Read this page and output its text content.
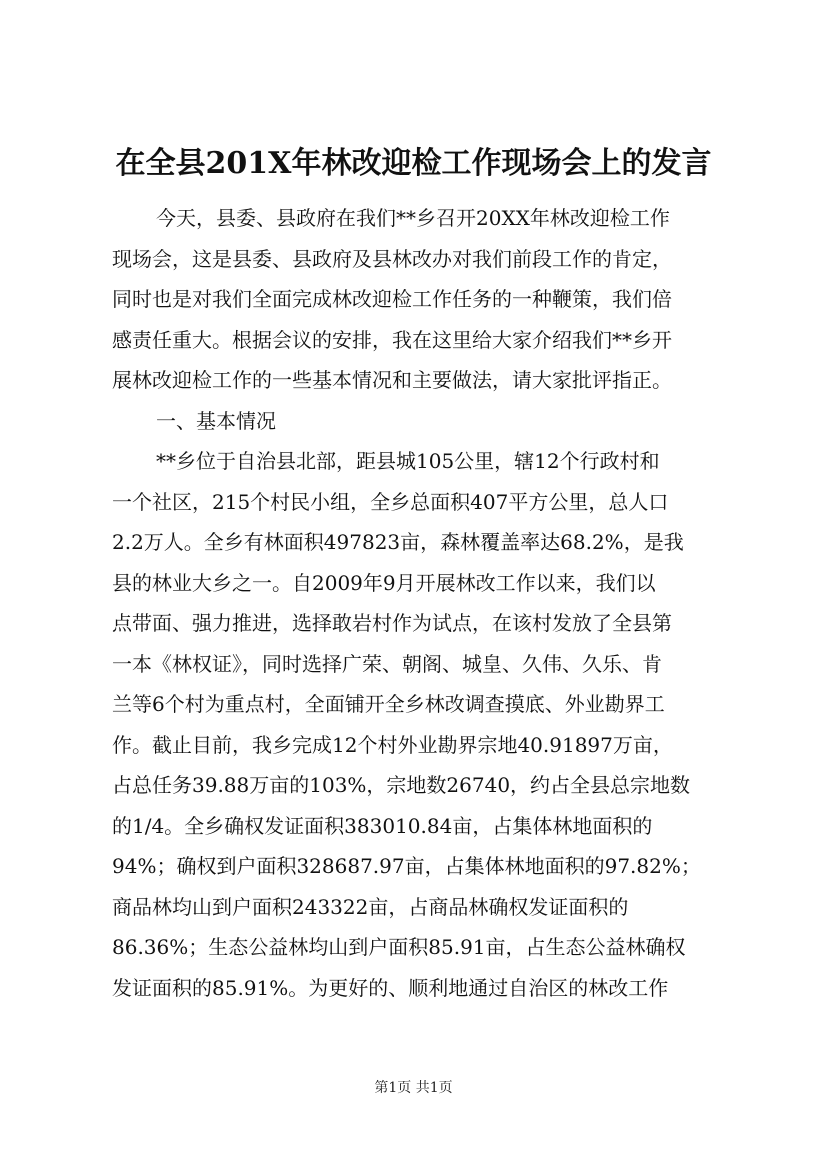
在全县201X年林改迎检工作现场会上的发言
今天，县委、县政府在我们**乡召开20XX年林改迎检工作
现场会，这是县委、县政府及县林改办对我们前段工作的肯定，
同时也是对我们全面完成林改迎检工作任务的一种鞭策，我们倍
感责任重大。根据会议的安排，我在这里给大家介绍我们**乡开
展林改迎检工作的一些基本情况和主要做法，请大家批评指正。
一、基本情况
**乡位于自治县北部，距县城105公里，辖12个行政村和
一个社区，215个村民小组，全乡总面积407平方公里，总人口
2.2万人。全乡有林面积497823亩，森林覆盖率达68.2%，是我
县的林业大乡之一。自2009年9月开展林改工作以来，我们以
点带面、强力推进，选择敢岩村作为试点，在该村发放了全县第
一本《林权证》，同时选择广荣、朝阁、城皇、久伟、久乐、肯
兰等6个村为重点村，全面铺开全乡林改调查摸底、外业勘界工
作。截止目前，我乡完成12个村外业勘界宗地40.91897万亩，
占总任务39.88万亩的103%，宗地数26740，约占全县总宗地数
的1/4。全乡确权发证面积383010.84亩，占集体林地面积的
94%；确权到户面积328687.97亩，占集体林地面积的97.82%；
商品林均山到户面积243322亩，占商品林确权发证面积的
86.36%；生态公益林均山到户面积85.91亩，占生态公益林确权
发证面积的85.91%。为更好的、顺利地通过自治区的林改工作
第1页 共1页
